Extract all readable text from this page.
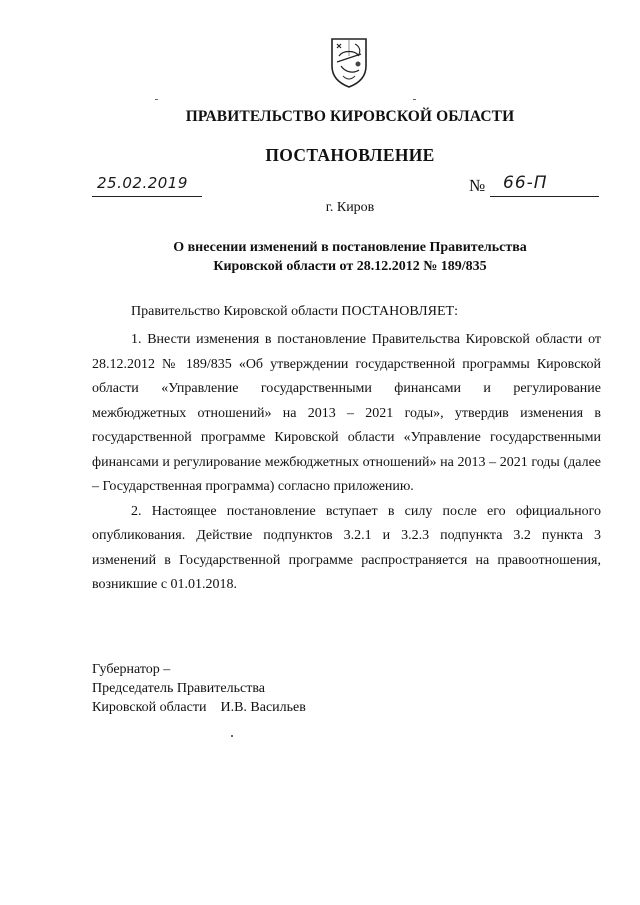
ПРАВИТЕЛЬСТВО КИРОВСКОЙ ОБЛАСТИ
ПОСТАНОВЛЕНИЕ
25.02.2019	№ 66-П
г. Киров
О внесении изменений в постановление Правительства
Кировской области от 28.12.2012 № 189/835
Правительство Кировской области ПОСТАНОВЛЯЕТ:

1. Внести изменения в постановление Правительства Кировской области от 28.12.2012 № 189/835 «Об утверждении государственной программы Кировской области «Управление государственными финансами и регулирование межбюджетных отношений» на 2013 – 2021 годы», утвердив изменения в государственной программе Кировской области «Управление государственными финансами и регулирование межбюджетных отношений» на 2013 – 2021 годы (далее – Государственная программа) согласно приложению.

2. Настоящее постановление вступает в силу после его официального опубликования. Действие подпунктов 3.2.1 и 3.2.3 подпункта 3.2 пункта 3 изменений в Государственной программе распространяется на правоотношения, возникшие с 01.01.2018.

Губернатор –
Председатель Правительства
Кировской области И.В. Васильев
